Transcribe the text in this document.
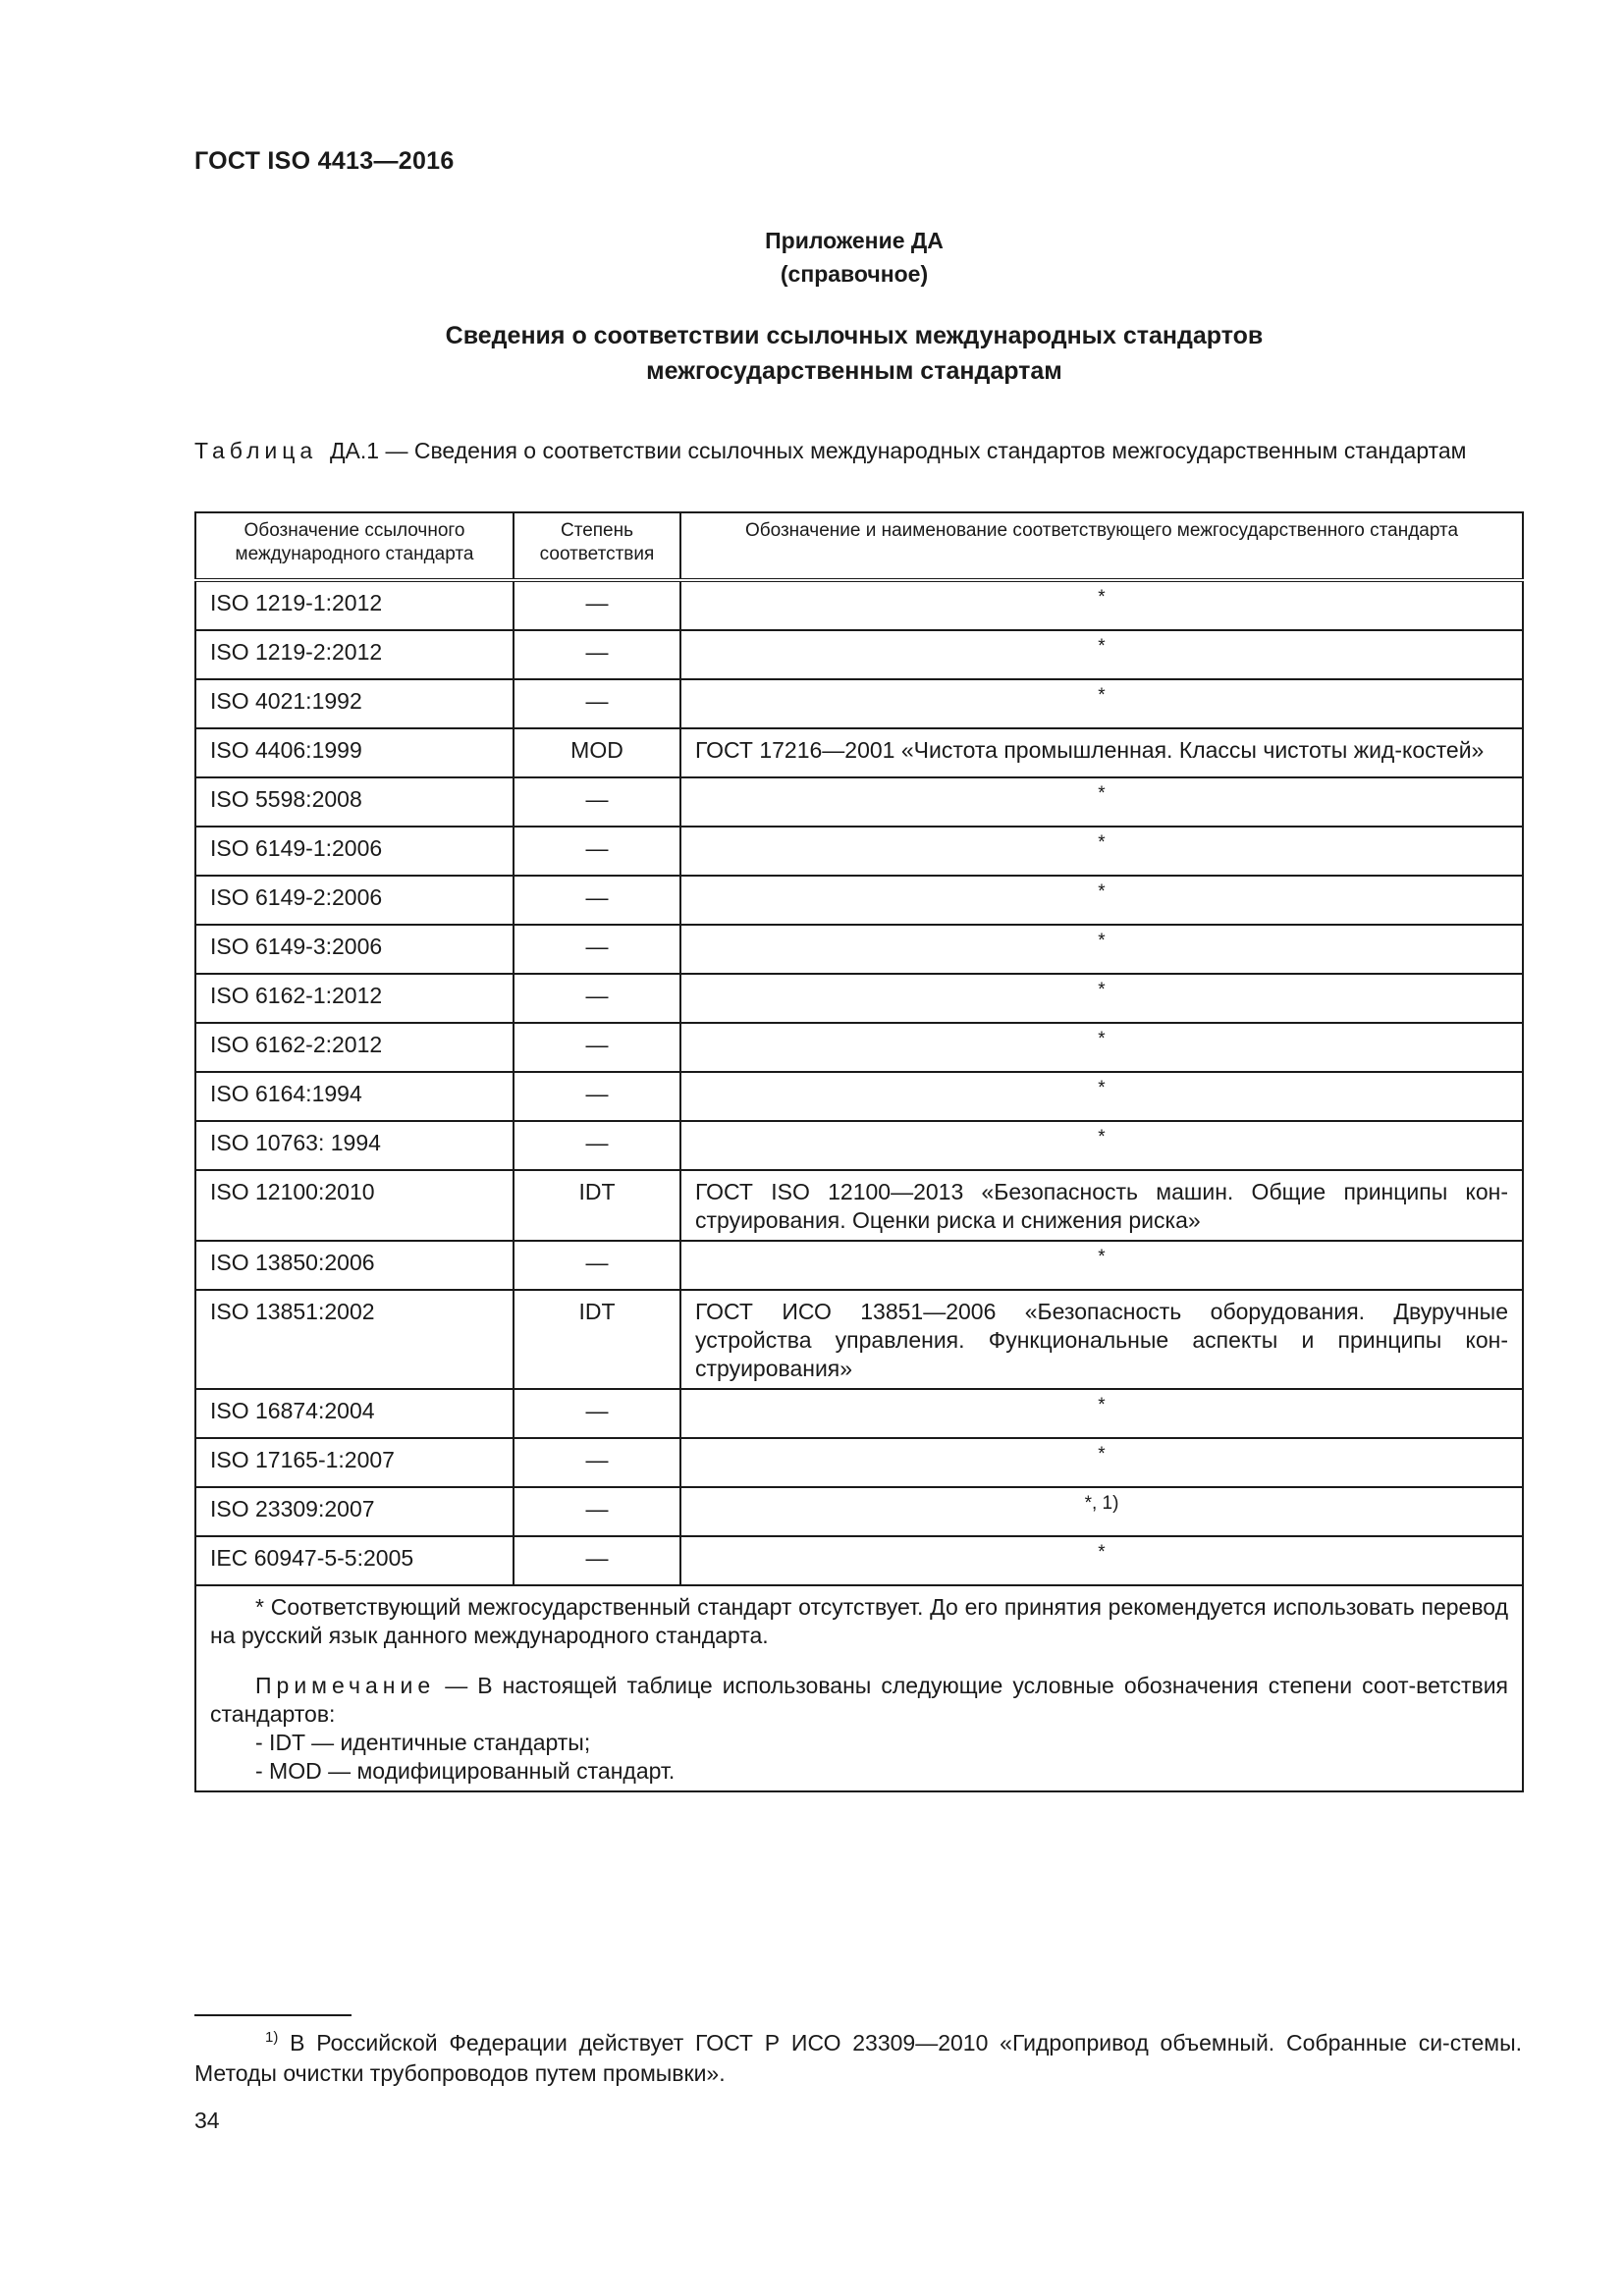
ГОСТ ISO 4413—2016
Приложение ДА
(справочное)
Сведения о соответствии ссылочных международных стандартов
межгосударственным стандартам
Таблица ДА.1 — Сведения о соответствии ссылочных международных стандартов межгосударственным стандартам
Обозначение ссылочного международного стандарта	Степень соответствия	Обозначение и наименование соответствующего межгосударственного стандарта
ISO 1219-1:2012	—	*
ISO 1219-2:2012	—	*
ISO 4021:1992	—	*
ISO 4406:1999	MOD	ГОСТ 17216—2001 «Чистота промышленная. Классы чистоты жид-костей»
ISO 5598:2008	—	*
ISO 6149-1:2006	—	*
ISO 6149-2:2006	—	*
ISO 6149-3:2006	—	*
ISO 6162-1:2012	—	*
ISO 6162-2:2012	—	*
ISO 6164:1994	—	*
ISO 10763: 1994	—	*
ISO 12100:2010	IDT	ГОСТ ISO 12100—2013 «Безопасность машин. Общие принципы кон-струирования. Оценки риска и снижения риска»
ISO 13850:2006	—	*
ISO 13851:2002	IDT	ГОСТ ИСО 13851—2006 «Безопасность оборудования. Двуручные устройства управления. Функциональные аспекты и принципы кон-струирования»
ISO 16874:2004	—	*
ISO 17165-1:2007	—	*
ISO 23309:2007	—	*, 1)
IEC 60947-5-5:2005	—	*

* Соответствующий межгосударственный стандарт отсутствует. До его принятия рекомендуется использовать перевод на русский язык данного международного стандарта.

Примечание — В настоящей таблице использованы следующие условные обозначения степени соот-ветствия стандартов:

- IDT — идентичные стандарты;

- MOD — модифицированный стандарт.		

$^{1)}$ В Российской Федерации действует ГОСТ Р ИСО 23309—2010 «Гидропривод объемный. Собранные си-стемы. Методы очистки трубопроводов путем промывки».

34
